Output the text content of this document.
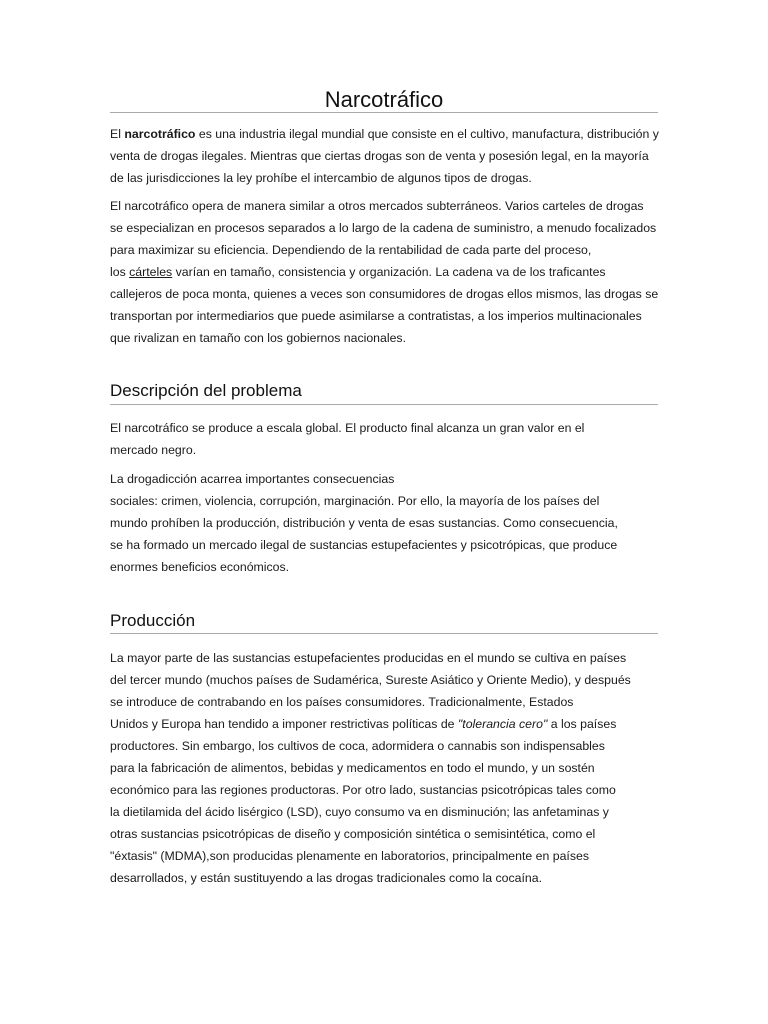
Narcotráfico
El narcotráfico es una industria ilegal mundial que consiste en el cultivo, manufactura, distribución y
venta de drogas ilegales. Mientras que ciertas drogas son de venta y posesión legal, en la mayoría
de las jurisdicciones la ley prohíbe el intercambio de algunos tipos de drogas.
El narcotráfico opera de manera similar a otros mercados subterráneos. Varios carteles de drogas
se especializan en procesos separados a lo largo de la cadena de suministro, a menudo focalizados
para maximizar su eficiencia. Dependiendo de la rentabilidad de cada parte del proceso,
los cárteles varían en tamaño, consistencia y organización. La cadena va de los traficantes
callejeros de poca monta, quienes a veces son consumidores de drogas ellos mismos, las drogas se
transportan por intermediarios que puede asimilarse a contratistas, a los imperios multinacionales
que rivalizan en tamaño con los gobiernos nacionales.
Descripción del problema
El narcotráfico se produce a escala global. El producto final alcanza un gran valor en el
mercado negro.
La drogadicción acarrea importantes consecuencias
sociales: crimen, violencia, corrupción, marginación. Por ello, la mayoría de los países del
mundo prohíben la producción, distribución y venta de esas sustancias. Como consecuencia,
se ha formado un mercado ilegal de sustancias estupefacientes y psicotrópicas, que produce
enormes beneficios económicos.
Producción
La mayor parte de las sustancias estupefacientes producidas en el mundo se cultiva en países
del tercer mundo (muchos países de Sudamérica, Sureste Asiático y Oriente Medio), y después
se introduce de contrabando en los países consumidores. Tradicionalmente, Estados
Unidos y Europa han tendido a imponer restrictivas políticas de "tolerancia cero" a los países
productores. Sin embargo, los cultivos de coca, adormidera o cannabis son indispensables
para la fabricación de alimentos, bebidas y medicamentos en todo el mundo, y un sostén
económico para las regiones productoras. Por otro lado, sustancias psicotrópicas tales como
la dietilamida del ácido lisérgico (LSD), cuyo consumo va en disminución; las anfetaminas y
otras sustancias psicotrópicas de diseño y composición sintética o semisintética, como el
"éxtasis" (MDMA),son producidas plenamente en laboratorios, principalmente en países
desarrollados, y están sustituyendo a las drogas tradicionales como la cocaína.
